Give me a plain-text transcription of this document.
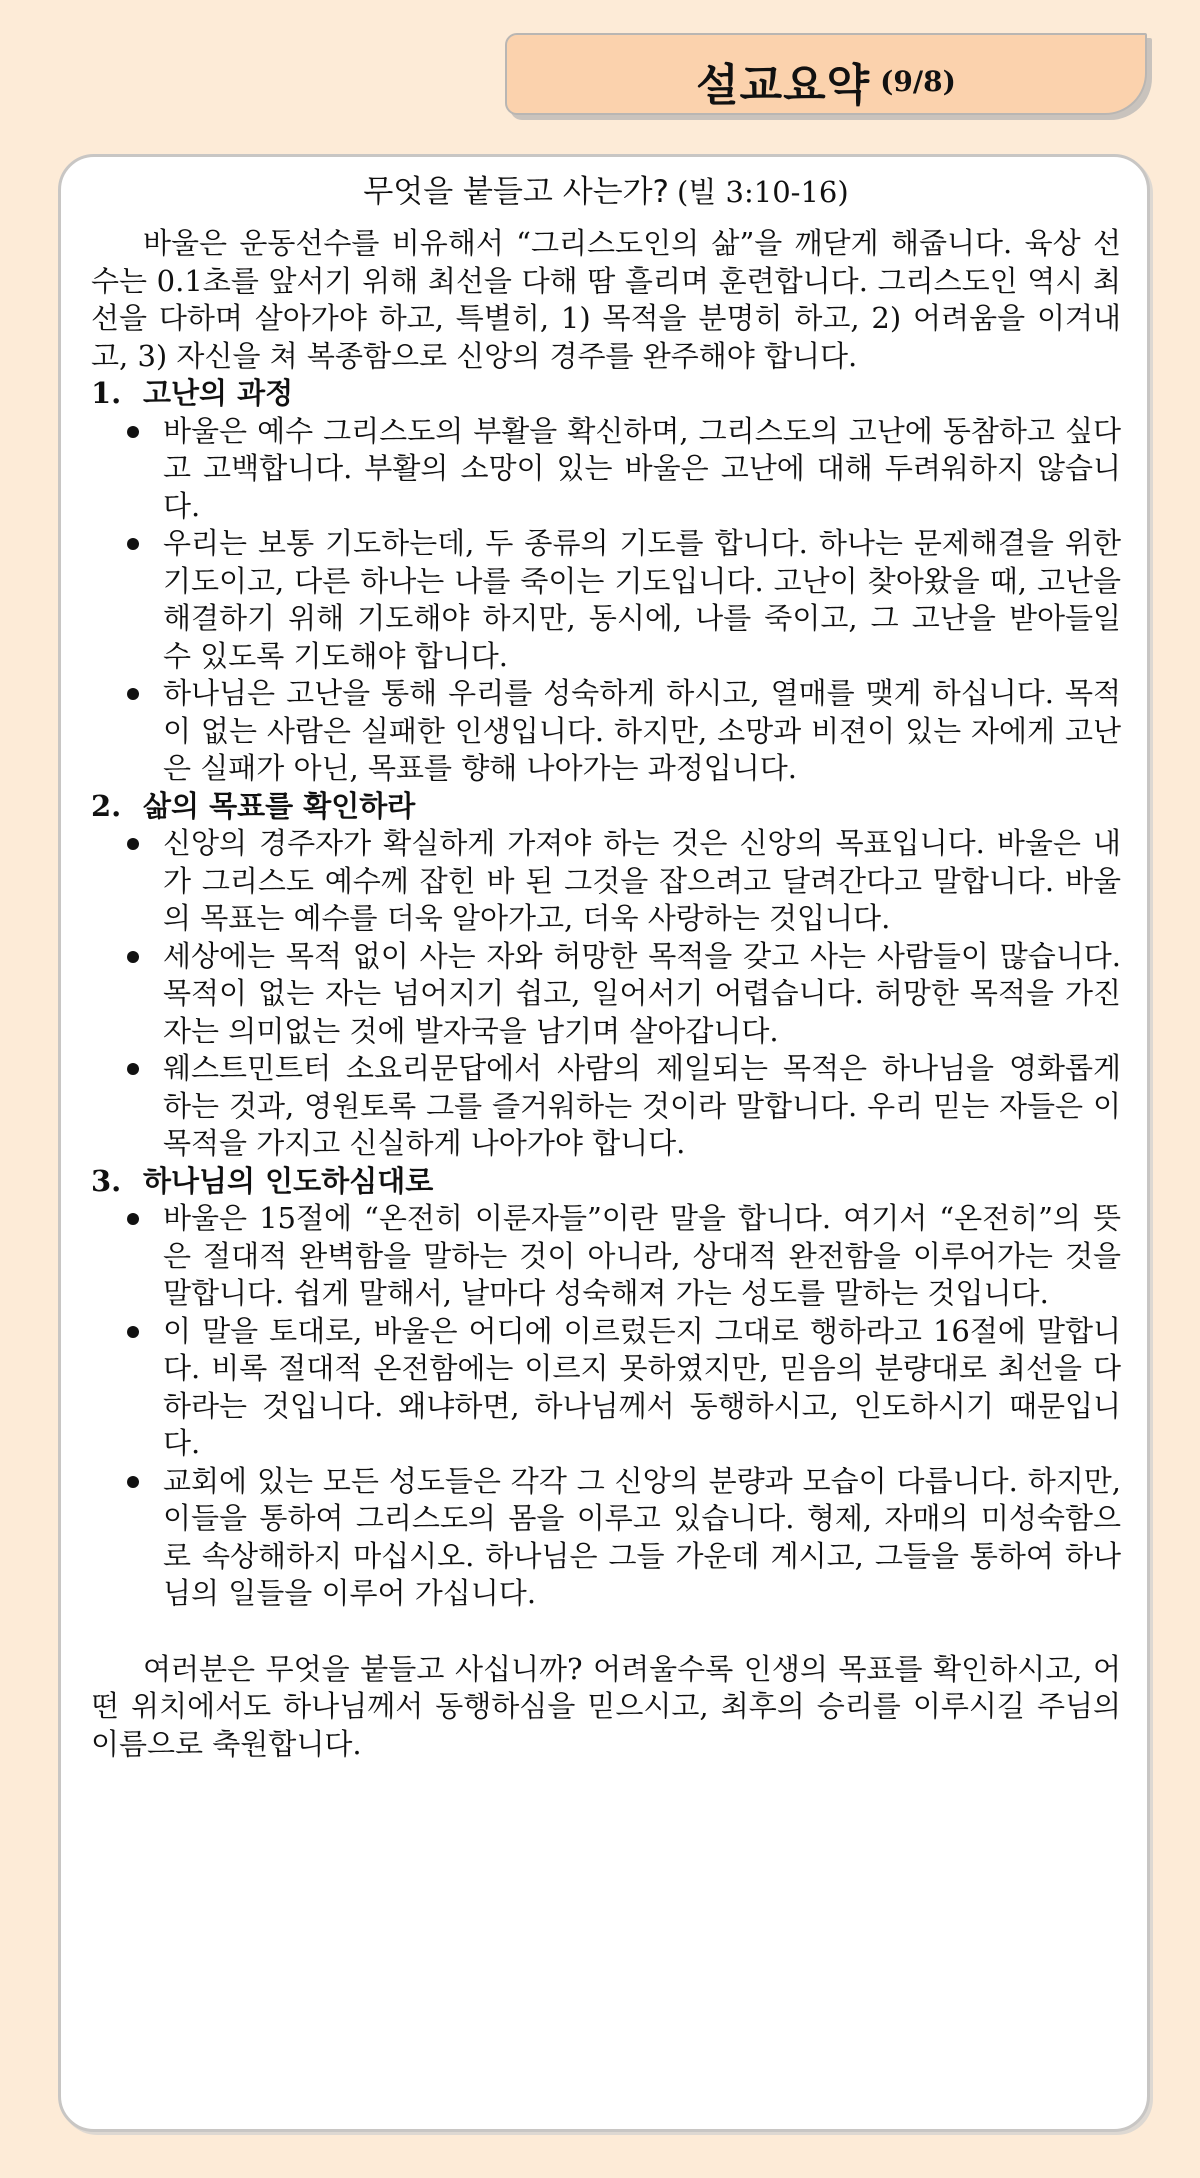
설교요약 (9/8)

무엇을 붙들고 사는가? (빌 3:10-16)

바울은 운동선수를 비유해서 “그리스도인의 삶”을 깨닫게 해줍니다. 육상 선수는 0.1초를 앞서기 위해 최선을 다해 땀 흘리며 훈련합니다. 그리스도인 역시 최선을 다하며 살아가야 하고, 특별히, 1) 목적을 분명히 하고, 2) 어려움을 이겨내고, 3) 자신을 쳐 복종함으로 신앙의 경주를 완주해야 합니다.

1. 고난의 과정

바울은 예수 그리스도의 부활을 확신하며, 그리스도의 고난에 동참하고 싶다고 고백합니다. 부활의 소망이 있는 바울은 고난에 대해 두려워하지 않습니다.
우리는 보통 기도하는데, 두 종류의 기도를 합니다. 하나는 문제해결을 위한 기도이고, 다른 하나는 나를 죽이는 기도입니다. 고난이 찾아왔을 때, 고난을 해결하기 위해 기도해야 하지만, 동시에, 나를 죽이고, 그 고난을 받아들일 수 있도록 기도해야 합니다.
하나님은 고난을 통해 우리를 성숙하게 하시고, 열매를 맺게 하십니다. 목적이 없는 사람은 실패한 인생입니다. 하지만, 소망과 비젼이 있는 자에게 고난은 실패가 아닌, 목표를 향해 나아가는 과정입니다.

2. 삶의 목표를 확인하라

신앙의 경주자가 확실하게 가져야 하는 것은 신앙의 목표입니다. 바울은 내가 그리스도 예수께 잡힌 바 된 그것을 잡으려고 달려간다고 말합니다. 바울의 목표는 예수를 더욱 알아가고, 더욱 사랑하는 것입니다.
세상에는 목적 없이 사는 자와 허망한 목적을 갖고 사는 사람들이 많습니다. 목적이 없는 자는 넘어지기 쉽고, 일어서기 어렵습니다. 허망한 목적을 가진 자는 의미없는 것에 발자국을 남기며 살아갑니다.
웨스트민트터 소요리문답에서 사람의 제일되는 목적은 하나님을 영화롭게 하는 것과, 영원토록 그를 즐거워하는 것이라 말합니다. 우리 믿는 자들은 이 목적을 가지고 신실하게 나아가야 합니다.

3. 하나님의 인도하심대로

바울은 15절에 “온전히 이룬자들”이란 말을 합니다. 여기서 “온전히”의 뜻은 절대적 완벽함을 말하는 것이 아니라, 상대적 완전함을 이루어가는 것을 말합니다. 쉽게 말해서, 날마다 성숙해져 가는 성도를 말하는 것입니다.
이 말을 토대로, 바울은 어디에 이르렀든지 그대로 행하라고 16절에 말합니다. 비록 절대적 온전함에는 이르지 못하였지만, 믿음의 분량대로 최선을 다하라는 것입니다. 왜냐하면, 하나님께서 동행하시고, 인도하시기 때문입니다.
교회에 있는 모든 성도들은 각각 그 신앙의 분량과 모습이 다릅니다. 하지만, 이들을 통하여 그리스도의 몸을 이루고 있습니다. 형제, 자매의 미성숙함으로 속상해하지 마십시오. 하나님은 그들 가운데 계시고, 그들을 통하여 하나님의 일들을 이루어 가십니다.

여러분은 무엇을 붙들고 사십니까? 어려울수록 인생의 목표를 확인하시고, 어떤 위치에서도 하나님께서 동행하심을 믿으시고, 최후의 승리를 이루시길 주님의 이름으로 축원합니다.
